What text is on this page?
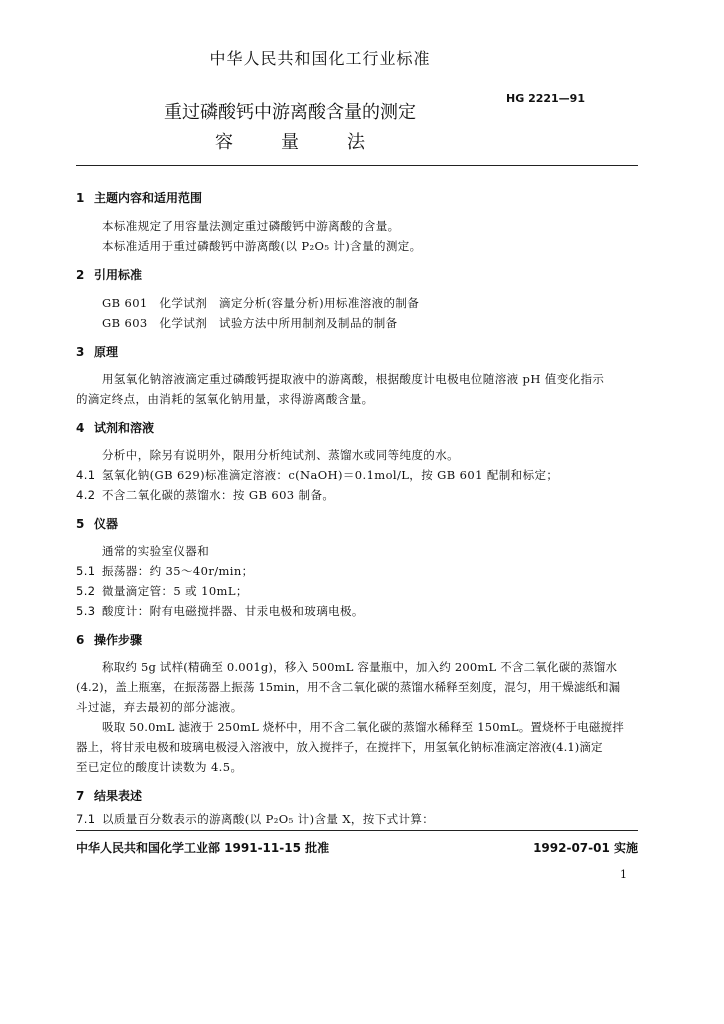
中华人民共和国化工行业标准
HG 2221—91
重过磷酸钙中游离酸含量的测定
容量法
1 主题内容和适用范围
本标准规定了用容量法测定重过磷酸钙中游离酸的含量。
本标准适用于重过磷酸钙中游离酸(以 P₂O₅ 计)含量的测定。
2 引用标准
GB 601　化学试剂　滴定分析(容量分析)用标准溶液的制备
GB 603　化学试剂　试验方法中所用制剂及制品的制备
3 原理
用氢氧化钠溶液滴定重过磷酸钙提取液中的游离酸，根据酸度计电极电位随溶液 pH 值变化指示
的滴定终点，由消耗的氢氧化钠用量，求得游离酸含量。
4 试剂和溶液
分析中，除另有说明外，限用分析纯试剂、蒸馏水或同等纯度的水。
4.1 氢氧化钠(GB 629)标准滴定溶液：c(NaOH)＝0.1mol/L，按 GB 601 配制和标定；
4.2 不含二氧化碳的蒸馏水：按 GB 603 制备。
5 仪器
通常的实验室仪器和
5.1 振荡器：约 35～40r/min；
5.2 微量滴定管：5 或 10mL；
5.3 酸度计：附有电磁搅拌器、甘汞电极和玻璃电极。
6 操作步骤
称取约 5g 试样(精确至 0.001g)，移入 500mL 容量瓶中，加入约 200mL 不含二氧化碳的蒸馏水
(4.2)，盖上瓶塞，在振荡器上振荡 15min，用不含二氧化碳的蒸馏水稀释至刻度，混匀，用干燥滤纸和漏
斗过滤，弃去最初的部分滤液。
吸取 50.0mL 滤液于 250mL 烧杯中，用不含二氧化碳的蒸馏水稀释至 150mL。置烧杯于电磁搅拌
器上，将甘汞电极和玻璃电极浸入溶液中，放入搅拌子，在搅拌下，用氢氧化钠标准滴定溶液(4.1)滴定
至已定位的酸度计读数为 4.5。
7 结果表述
7.1 以质量百分数表示的游离酸(以 P₂O₅ 计)含量 X，按下式计算：
中华人民共和国化学工业部 1991-11-15 批准	1992-07-01 实施
1
